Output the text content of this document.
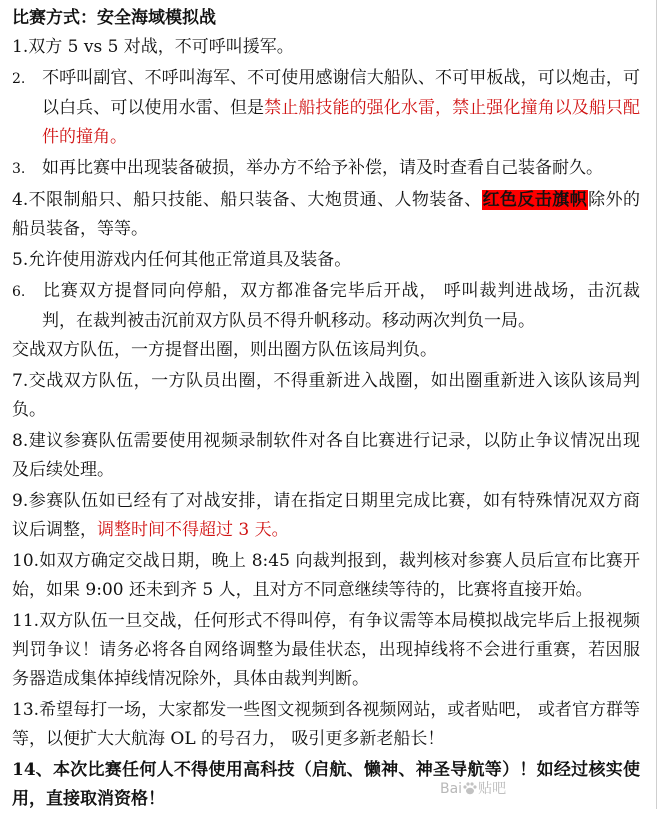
比赛方式：安全海域模拟战

1.双方 5 vs 5 对战，不可呼叫援军。

2. 不呼叫副官、不呼叫海军、不可使用感谢信大船队、不可甲板战，可以炮击，可以白兵、可以使用水雷、但是禁止船技能的强化水雷，禁止强化撞角以及船只配件的撞角。

3. 如再比赛中出现装备破损，举办方不给予补偿，请及时查看自己装备耐久。

4.不限制船只、船只技能、船只装备、大炮贯通、人物装备、红色反击旗帜除外的船员装备，等等。

5.允许使用游戏内任何其他正常道具及装备。

6. 比赛双方提督同向停船，双方都准备完毕后开战， 呼叫裁判进战场，击沉裁判，在裁判被击沉前双方队员不得升帆移动。移动两次判负一局。
交战双方队伍，一方提督出圈，则出圈方队伍该局判负。

7.交战双方队伍，一方队员出圈，不得重新进入战圈，如出圈重新进入该队该局判负。

8.建议参赛队伍需要使用视频录制软件对各自比赛进行记录，以防止争议情况出现及后续处理。

9.参赛队伍如已经有了对战安排，请在指定日期里完成比赛，如有特殊情况双方商议后调整，调整时间不得超过 3 天。

10.如双方确定交战日期，晚上 8:45 向裁判报到，裁判核对参赛人员后宣布比赛开始，如果 9:00 还未到齐 5 人，且对方不同意继续等待的，比赛将直接开始。

11.双方队伍一旦交战，任何形式不得叫停，有争议需等本局模拟战完毕后上报视频判罚争议！请务必将各自网络调整为最佳状态，出现掉线将不会进行重赛，若因服务器造成集体掉线情况除外，具体由裁判判断。

13.希望每打一场，大家都发一些图文视频到各视频网站，或者贴吧， 或者官方群等等，以便扩大大航海 OL 的号召力， 吸引更多新老船长！

14、本次比赛任何人不得使用高科技（启航、懒神、神圣导航等）！如经过核实使用，直接取消资格！	Bai 贴吧
